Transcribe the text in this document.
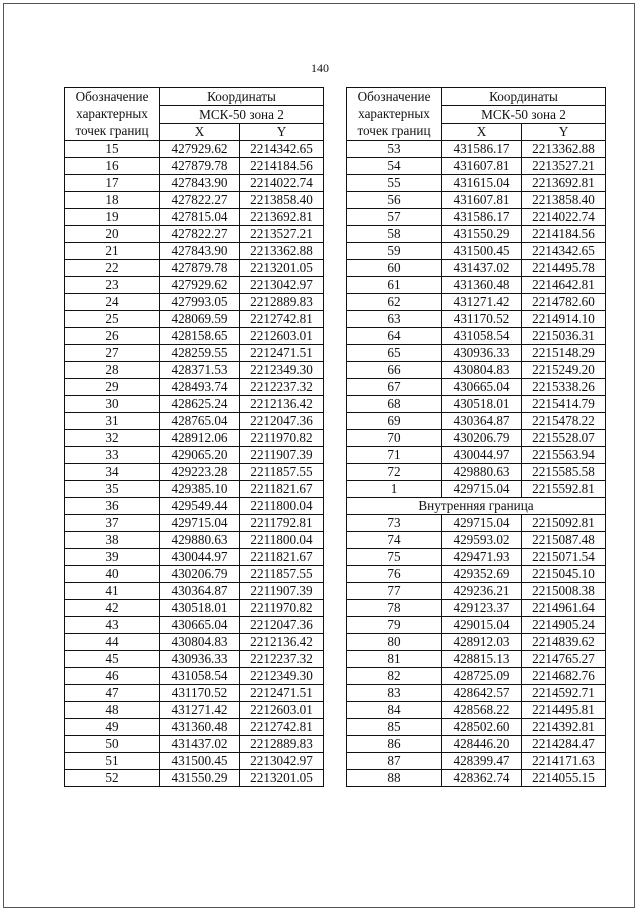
140
Обозначение
характерных
точек границ	Координаты	
	МСК-50 зона 2	
	X	Y
15	427929.62	2214342.65
16	427879.78	2214184.56
17	427843.90	2214022.74
18	427822.27	2213858.40
19	427815.04	2213692.81
20	427822.27	2213527.21
21	427843.90	2213362.88
22	427879.78	2213201.05
23	427929.62	2213042.97
24	427993.05	2212889.83
25	428069.59	2212742.81
26	428158.65	2212603.01
27	428259.55	2212471.51
28	428371.53	2212349.30
29	428493.74	2212237.32
30	428625.24	2212136.42
31	428765.04	2212047.36
32	428912.06	2211970.82
33	429065.20	2211907.39
34	429223.28	2211857.55
35	429385.10	2211821.67
36	429549.44	2211800.04
37	429715.04	2211792.81
38	429880.63	2211800.04
39	430044.97	2211821.67
40	430206.79	2211857.55
41	430364.87	2211907.39
42	430518.01	2211970.82
43	430665.04	2212047.36
44	430804.83	2212136.42
45	430936.33	2212237.32
46	431058.54	2212349.30
47	431170.52	2212471.51
48	431271.42	2212603.01
49	431360.48	2212742.81
50	431437.02	2212889.83
51	431500.45	2213042.97
52	431550.29	2213201.05
Обозначение
характерных
точек границ	Координаты	
	МСК-50 зона 2	
	X	Y
53	431586.17	2213362.88
54	431607.81	2213527.21
55	431615.04	2213692.81
56	431607.81	2213858.40
57	431586.17	2214022.74
58	431550.29	2214184.56
59	431500.45	2214342.65
60	431437.02	2214495.78
61	431360.48	2214642.81
62	431271.42	2214782.60
63	431170.52	2214914.10
64	431058.54	2215036.31
65	430936.33	2215148.29
66	430804.83	2215249.20
67	430665.04	2215338.26
68	430518.01	2215414.79
69	430364.87	2215478.22
70	430206.79	2215528.07
71	430044.97	2215563.94
72	429880.63	2215585.58
1	429715.04	2215592.81
Внутренняя граница		
73	429715.04	2215092.81
74	429593.02	2215087.48
75	429471.93	2215071.54
76	429352.69	2215045.10
77	429236.21	2215008.38
78	429123.37	2214961.64
79	429015.04	2214905.24
80	428912.03	2214839.62
81	428815.13	2214765.27
82	428725.09	2214682.76
83	428642.57	2214592.71
84	428568.22	2214495.81
85	428502.60	2214392.81
86	428446.20	2214284.47
87	428399.47	2214171.63
88	428362.74	2214055.15
